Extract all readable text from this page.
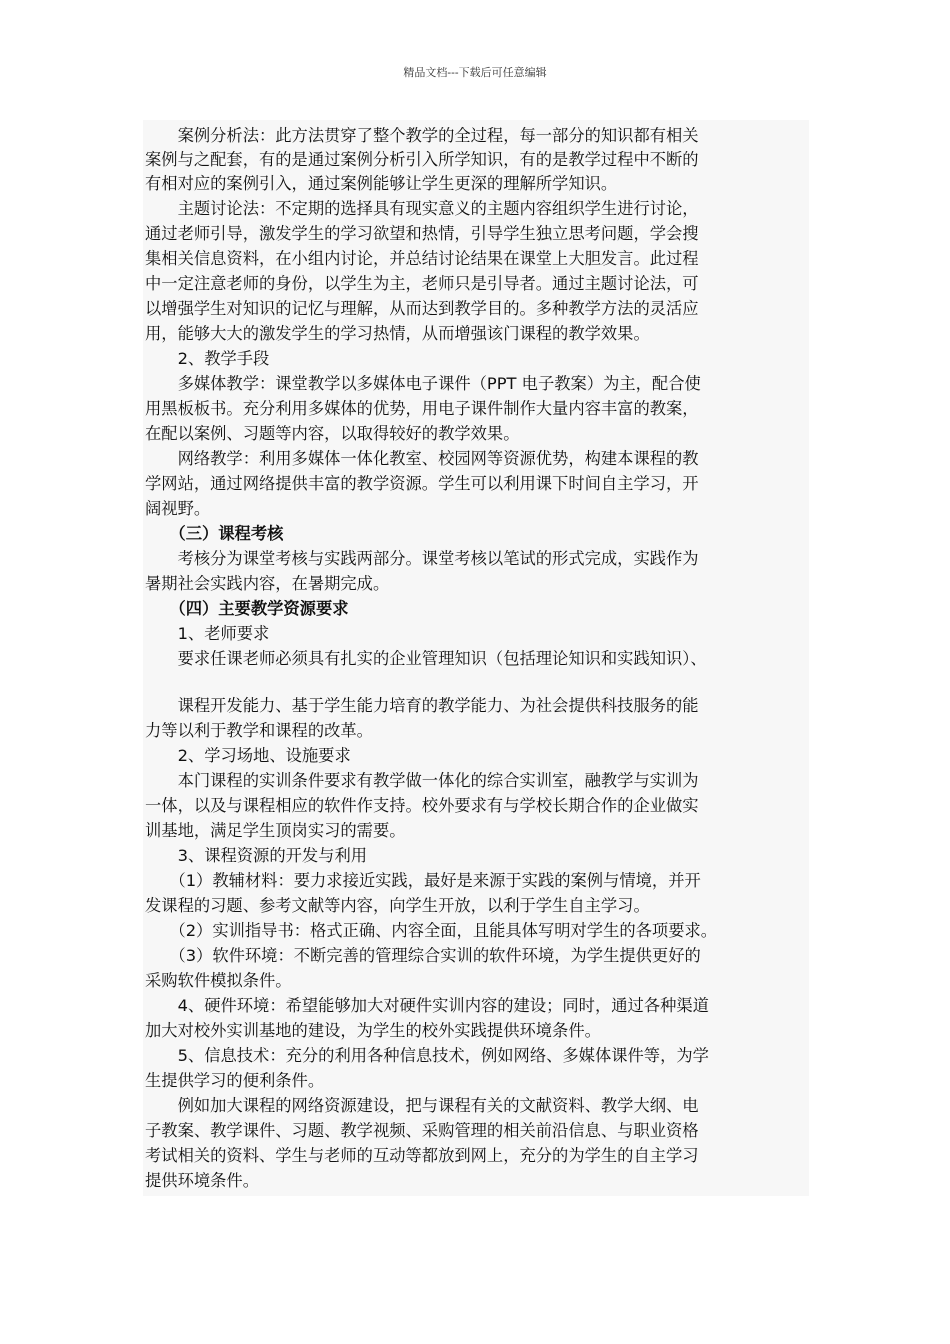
精品文档---下载后可任意编辑
　　案例分析法：此方法贯穿了整个教学的全过程，每一部分的知识都有相关
案例与之配套，有的是通过案例分析引入所学知识，有的是教学过程中不断的
有相对应的案例引入，通过案例能够让学生更深的理解所学知识。
　　主题讨论法：不定期的选择具有现实意义的主题内容组织学生进行讨论，
通过老师引导，激发学生的学习欲望和热情，引导学生独立思考问题，学会搜
集相关信息资料，在小组内讨论，并总结讨论结果在课堂上大胆发言。此过程
中一定注意老师的身份，以学生为主，老师只是引导者。通过主题讨论法，可
以增强学生对知识的记忆与理解，从而达到教学目的。多种教学方法的灵活应
用，能够大大的激发学生的学习热情，从而增强该门课程的教学效果。
　　2、教学手段
　　多媒体教学：课堂教学以多媒体电子课件（PPT 电子教案）为主，配合使
用黑板板书。充分利用多媒体的优势，用电子课件制作大量内容丰富的教案，
在配以案例、习题等内容，以取得较好的教学效果。
　　网络教学：利用多媒体一体化教室、校园网等资源优势，构建本课程的教
学网站，通过网络提供丰富的教学资源。学生可以利用课下时间自主学习，开
阔视野。
　　（三）课程考核
　　考核分为课堂考核与实践两部分。课堂考核以笔试的形式完成，实践作为
暑期社会实践内容，在暑期完成。
　　（四）主要教学资源要求
　　1、老师要求
　　要求任课老师必须具有扎实的企业管理知识（包括理论知识和实践知识）、
　　课程开发能力、基于学生能力培育的教学能力、为社会提供科技服务的能
力等以利于教学和课程的改革。
　　2、学习场地、设施要求
　　本门课程的实训条件要求有教学做一体化的综合实训室，融教学与实训为
一体，以及与课程相应的软件作支持。校外要求有与学校长期合作的企业做实
训基地，满足学生顶岗实习的需要。
　　3、课程资源的开发与利用
　　（1）教辅材料：要力求接近实践，最好是来源于实践的案例与情境，并开
发课程的习题、参考文献等内容，向学生开放，以利于学生自主学习。
　　（2）实训指导书：格式正确、内容全面，且能具体写明对学生的各项要求。
　　（3）软件环境：不断完善的管理综合实训的软件环境，为学生提供更好的
采购软件模拟条件。
　　4、硬件环境：希望能够加大对硬件实训内容的建设；同时，通过各种渠道
加大对校外实训基地的建设，为学生的校外实践提供环境条件。
　　5、信息技术：充分的利用各种信息技术，例如网络、多媒体课件等，为学
生提供学习的便利条件。
　　例如加大课程的网络资源建设，把与课程有关的文献资料、教学大纲、电
子教案、教学课件、习题、教学视频、采购管理的相关前沿信息、与职业资格
考试相关的资料、学生与老师的互动等都放到网上，充分的为学生的自主学习
提供环境条件。
